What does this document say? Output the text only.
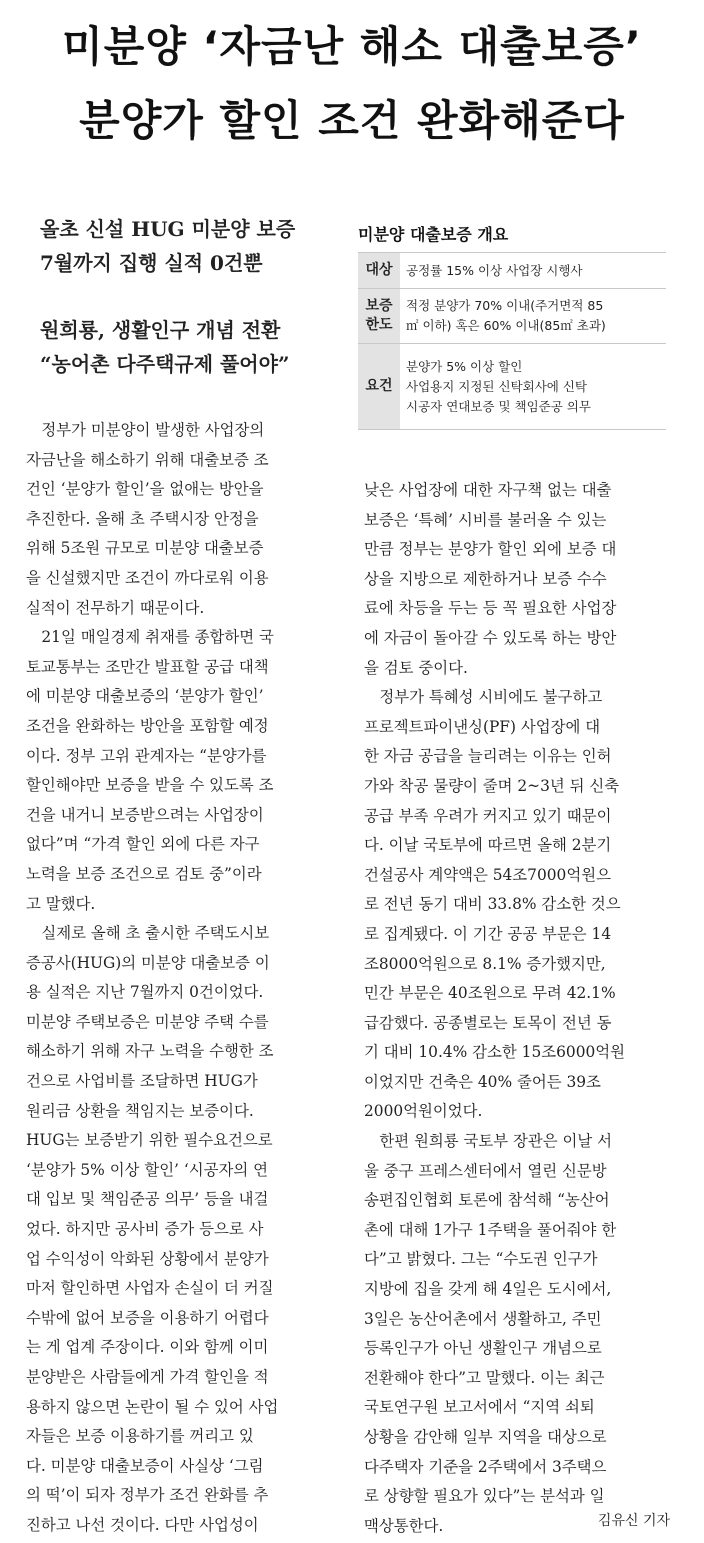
미분양 ‘자금난 해소 대출보증’
분양가 할인 조건 완화해준다
올초 신설 HUG 미분양 보증
7월까지 집행 실적 0건뿐
원희룡, 생활인구 개념 전환
“농어촌 다주택규제 풀어야”
미분양 대출보증 개요
대상	공정률 15% 이상 사업장 시행사

보증
한도	적정 분양가 70% 이내(주거면적 85
㎡ 이하) 혹은 60% 이내(85㎡ 초과)

요건	분양가 5% 이상 할인
사업용지 지정된 신탁회사에 신탁
시공자 연대보증 및 책임준공 의무
　정부가 미분양이 발생한 사업장의
자금난을 해소하기 위해 대출보증 조
건인 ‘분양가 할인’을 없애는 방안을
추진한다. 올해 초 주택시장 안정을
위해 5조원 규모로 미분양 대출보증
을 신설했지만 조건이 까다로워 이용
실적이 전무하기 때문이다.
　21일 매일경제 취재를 종합하면 국
토교통부는 조만간 발표할 공급 대책
에 미분양 대출보증의 ‘분양가 할인’
조건을 완화하는 방안을 포함할 예정
이다. 정부 고위 관계자는 “분양가를
할인해야만 보증을 받을 수 있도록 조
건을 내거니 보증받으려는 사업장이
없다”며 “가격 할인 외에 다른 자구
노력을 보증 조건으로 검토 중”이라
고 말했다.
　실제로 올해 초 출시한 주택도시보
증공사(HUG)의 미분양 대출보증 이
용 실적은 지난 7월까지 0건이었다.
미분양 주택보증은 미분양 주택 수를
해소하기 위해 자구 노력을 수행한 조
건으로 사업비를 조달하면 HUG가
원리금 상환을 책임지는 보증이다.
HUG는 보증받기 위한 필수요건으로
‘분양가 5% 이상 할인’ ‘시공자의 연
대 입보 및 책임준공 의무’ 등을 내걸
었다. 하지만 공사비 증가 등으로 사
업 수익성이 악화된 상황에서 분양가
마저 할인하면 사업자 손실이 더 커질
수밖에 없어 보증을 이용하기 어렵다
는 게 업계 주장이다. 이와 함께 이미
분양받은 사람들에게 가격 할인을 적
용하지 않으면 논란이 될 수 있어 사업
자들은 보증 이용하기를 꺼리고 있
다. 미분양 대출보증이 사실상 ‘그림
의 떡’이 되자 정부가 조건 완화를 추
진하고 나선 것이다. 다만 사업성이
낮은 사업장에 대한 자구책 없는 대출
보증은 ‘특혜’ 시비를 불러올 수 있는
만큼 정부는 분양가 할인 외에 보증 대
상을 지방으로 제한하거나 보증 수수
료에 차등을 두는 등 꼭 필요한 사업장
에 자금이 돌아갈 수 있도록 하는 방안
을 검토 중이다.
　정부가 특혜성 시비에도 불구하고
프로젝트파이낸싱(PF) 사업장에 대
한 자금 공급을 늘리려는 이유는 인허
가와 착공 물량이 줄며 2~3년 뒤 신축
공급 부족 우려가 커지고 있기 때문이
다. 이날 국토부에 따르면 올해 2분기
건설공사 계약액은 54조7000억원으
로 전년 동기 대비 33.8% 감소한 것으
로 집계됐다. 이 기간 공공 부문은 14
조8000억원으로 8.1% 증가했지만,
민간 부문은 40조원으로 무려 42.1%
급감했다. 공종별로는 토목이 전년 동
기 대비 10.4% 감소한 15조6000억원
이었지만 건축은 40% 줄어든 39조
2000억원이었다.
　한편 원희룡 국토부 장관은 이날 서
울 중구 프레스센터에서 열린 신문방
송편집인협회 토론에 참석해 “농산어
촌에 대해 1가구 1주택을 풀어줘야 한
다”고 밝혔다. 그는 “수도권 인구가
지방에 집을 갖게 해 4일은 도시에서,
3일은 농산어촌에서 생활하고, 주민
등록인구가 아닌 생활인구 개념으로
전환해야 한다”고 말했다. 이는 최근
국토연구원 보고서에서 “지역 쇠퇴
상황을 감안해 일부 지역을 대상으로
다주택자 기준을 2주택에서 3주택으
로 상향할 필요가 있다”는 분석과 일
맥상통한다.	김유신 기자
